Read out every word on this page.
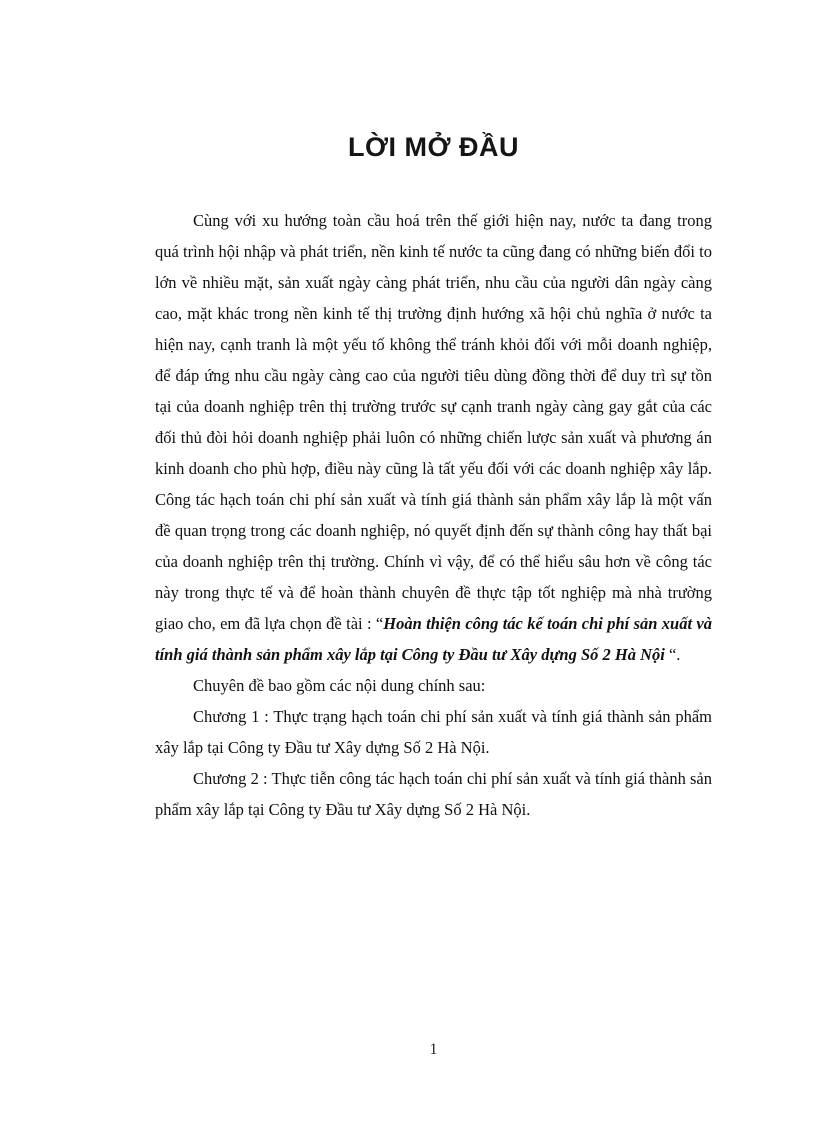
LỜI MỞ ĐẦU

Cùng với xu hướng toàn cầu hoá trên thế giới hiện nay, nước ta đang trong quá trình hội nhập và phát triển, nền kinh tế nước ta cũng đang có những biến đổi to lớn về nhiều mặt, sản xuất ngày càng phát triển, nhu cầu của người dân ngày càng cao, mặt khác trong nền kinh tế thị trường định hướng xã hội chủ nghĩa ở nước ta hiện nay, cạnh tranh là một yếu tố không thể tránh khỏi đối với mỗi doanh nghiệp, để đáp ứng nhu cầu ngày càng cao của người tiêu dùng đồng thời để duy trì sự tồn tại của doanh nghiệp trên thị trường trước sự cạnh tranh ngày càng gay gắt của các đối thủ đòi hỏi doanh nghiệp phải luôn có những chiến lược sản xuất và phương án kinh doanh cho phù hợp, điều này cũng là tất yếu đối với các doanh nghiệp xây lắp. Công tác hạch toán chi phí sản xuất và tính giá thành sản phẩm xây lắp là một vấn đề quan trọng trong các doanh nghiệp, nó quyết định đến sự thành công hay thất bại của doanh nghiệp trên thị trường. Chính vì vậy, để có thể hiểu sâu hơn về công tác này trong thực tế và để hoàn thành chuyên đề thực tập tốt nghiệp mà nhà trường giao cho, em đã lựa chọn đề tài : “Hoàn thiện công tác kế toán chi phí sản xuất và tính giá thành sản phẩm xây lắp tại Công ty Đầu tư Xây dựng Số 2 Hà Nội “.

Chuyên đề bao gồm các nội dung chính sau:

Chương 1 : Thực trạng hạch toán chi phí sản xuất và tính giá thành sản phẩm xây lắp tại Công ty Đầu tư Xây dựng Số 2 Hà Nội.

Chương 2 : Thực tiễn công tác hạch toán chi phí sản xuất và tính giá thành sản phẩm xây lắp tại Công ty Đầu tư Xây dựng Số 2 Hà Nội.

1
